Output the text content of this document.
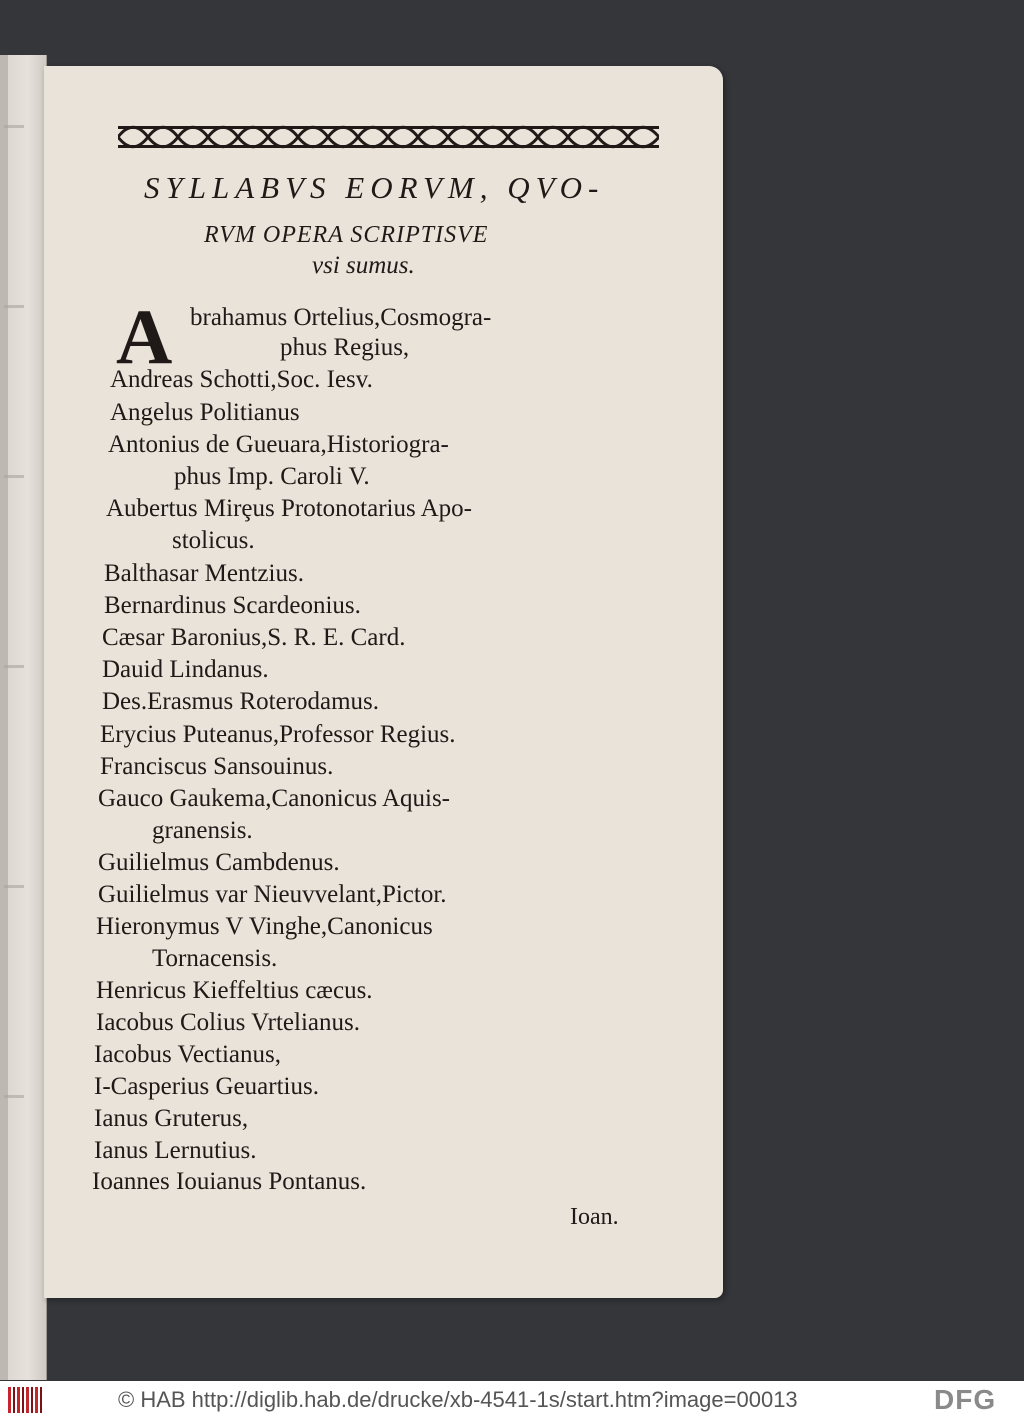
SYLLABVS EORVM, QVO-
RVM OPERA SCRIPTISVE
vsi sumus.
A brahamus Ortelius,Cosmogra-
phus Regius,
Andreas Schotti,Soc. Iesv.
Angelus Politianus
Antonius de Gueuara,Historiogra-
phus Imp. Caroli V.
Aubertus Mirȩus Protonotarius Apo-
stolicus.
Balthasar Mentzius.
Bernardinus Scardeonius.
Cæsar Baronius,S. R. E. Card.
Dauid Lindanus.
Des.Erasmus Roterodamus.
Erycius Puteanus,Professor Regius.
Franciscus Sansouinus.
Gauco Gaukema,Canonicus Aquis-
granensis.
Guilielmus Cambdenus.
Guilielmus var Nieuvvelant,Pictor.
Hieronymus V Vinghe,Canonicus
Tornacensis.
Henricus Kieffeltius cæcus.
Iacobus Colius Vrtelianus.
Iacobus Vectianus,
I-Casperius Geuartius.
Ianus Gruterus,
Ianus Lernutius.
Ioannes Iouianus Pontanus.
Ioan.
© HAB http://diglib.hab.de/drucke/xb-4541-1s/start.htm?image=00013	DFG
